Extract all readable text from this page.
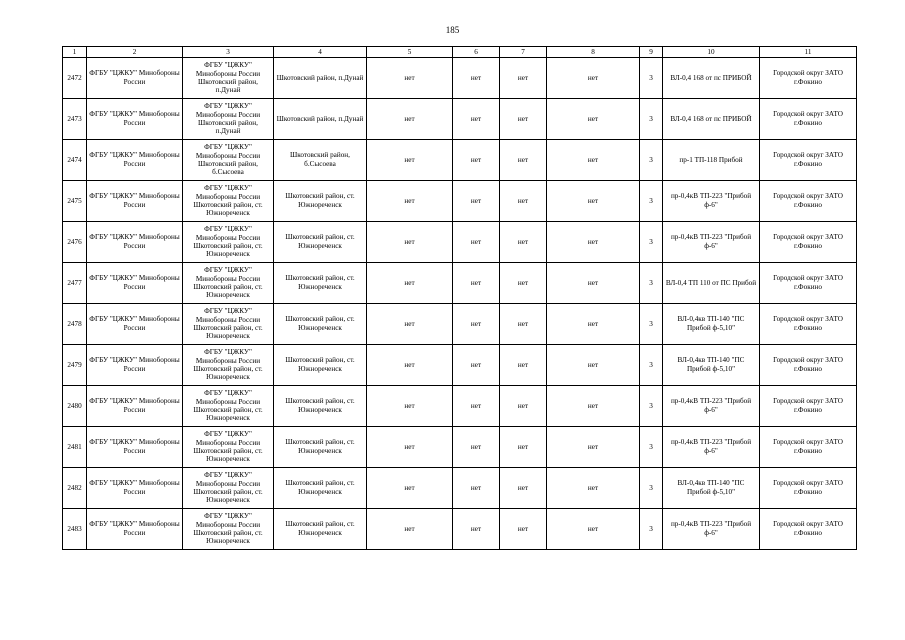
185
1	2	3	4	5	6	7	8	9	10	11
2472	ФГБУ "ЦЖКУ" Минобороны России	ФГБУ "ЦЖКУ" Минобороны России Шкотовский район, п.Дунай	Шкотовский район, п.Дунай	нет	нет	нет	нет	3	ВЛ-0,4 168 от пс ПРИБОЙ	Городской округ ЗАТО г.Фокино
2473	ФГБУ "ЦЖКУ" Минобороны России	ФГБУ "ЦЖКУ" Минобороны России Шкотовский район, п.Дунай	Шкотовский район, п.Дунай	нет	нет	нет	нет	3	ВЛ-0,4 168 от пс ПРИБОЙ	Городской округ ЗАТО г.Фокино
2474	ФГБУ "ЦЖКУ" Минобороны России	ФГБУ "ЦЖКУ" Минобороны России Шкотовский район, б.Сысоева	Шкотовский район, б.Сысоева	нет	нет	нет	нет	3	пр-1 ТП-118 Прибой	Городской округ ЗАТО г.Фокино
2475	ФГБУ "ЦЖКУ" Минобороны России	ФГБУ "ЦЖКУ" Минобороны России Шкотовский район, ст. Южнореченск	Шкотовский район, ст. Южнореченск	нет	нет	нет	нет	3	пр-0,4кВ ТП-223 "Прибой ф-6"	Городской округ ЗАТО г.Фокино
2476	ФГБУ "ЦЖКУ" Минобороны России	ФГБУ "ЦЖКУ" Минобороны России Шкотовский район, ст. Южнореченск	Шкотовский район, ст. Южнореченск	нет	нет	нет	нет	3	пр-0,4кВ ТП-223 "Прибой ф-6"	Городской округ ЗАТО г.Фокино
2477	ФГБУ "ЦЖКУ" Минобороны России	ФГБУ "ЦЖКУ" Минобороны России Шкотовский район, ст. Южнореченск	Шкотовский район, ст. Южнореченск	нет	нет	нет	нет	3	ВЛ-0,4 ТП 110 от ПС Прибой	Городской округ ЗАТО г.Фокино
2478	ФГБУ "ЦЖКУ" Минобороны России	ФГБУ "ЦЖКУ" Минобороны России Шкотовский район, ст. Южнореченск	Шкотовский район, ст. Южнореченск	нет	нет	нет	нет	3	ВЛ-0,4кв ТП-140 "ПС Прибой ф-5,10"	Городской округ ЗАТО г.Фокино
2479	ФГБУ "ЦЖКУ" Минобороны России	ФГБУ "ЦЖКУ" Минобороны России Шкотовский район, ст. Южнореченск	Шкотовский район, ст. Южнореченск	нет	нет	нет	нет	3	ВЛ-0,4кв ТП-140 "ПС Прибой ф-5,10"	Городской округ ЗАТО г.Фокино
2480	ФГБУ "ЦЖКУ" Минобороны России	ФГБУ "ЦЖКУ" Минобороны России Шкотовский район, ст. Южнореченск	Шкотовский район, ст. Южнореченск	нет	нет	нет	нет	3	пр-0,4кВ ТП-223 "Прибой ф-6"	Городской округ ЗАТО г.Фокино
2481	ФГБУ "ЦЖКУ" Минобороны России	ФГБУ "ЦЖКУ" Минобороны России Шкотовский район, ст. Южнореченск	Шкотовский район, ст. Южнореченск	нет	нет	нет	нет	3	пр-0,4кВ ТП-223 "Прибой ф-6"	Городской округ ЗАТО г.Фокино
2482	ФГБУ "ЦЖКУ" Минобороны России	ФГБУ "ЦЖКУ" Минобороны России Шкотовский район, ст. Южнореченск	Шкотовский район, ст. Южнореченск	нет	нет	нет	нет	3	ВЛ-0,4кв ТП-140 "ПС Прибой ф-5,10"	Городской округ ЗАТО г.Фокино
2483	ФГБУ "ЦЖКУ" Минобороны России	ФГБУ "ЦЖКУ" Минобороны России Шкотовский район, ст. Южнореченск	Шкотовский район, ст. Южнореченск	нет	нет	нет	нет	3	пр-0,4кВ ТП-223 "Прибой ф-6"	Городской округ ЗАТО г.Фокино
